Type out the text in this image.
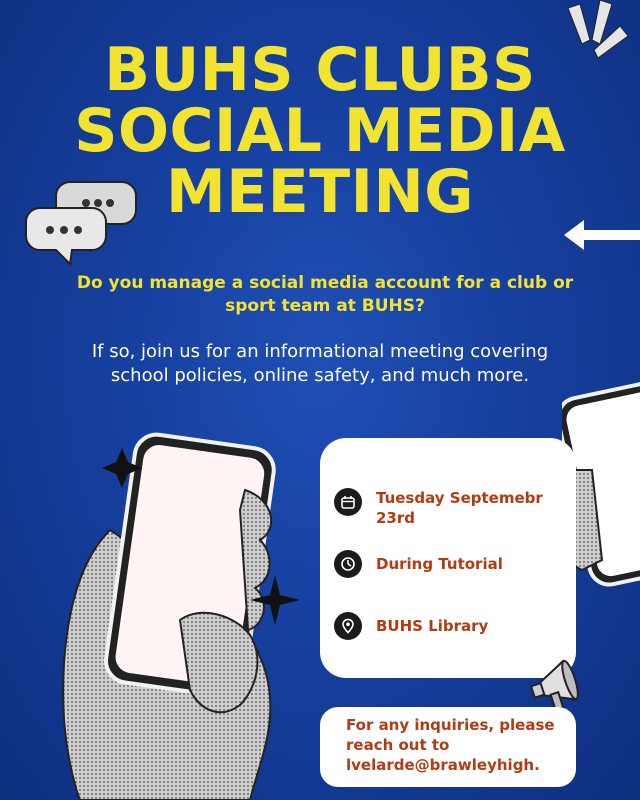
BUHS CLUBS
SOCIAL MEDIA
MEETING
Do you manage a social media account for a club or sport team at BUHS?
If so, join us for an informational meeting covering school policies, online safety, and much more.
Tuesday Septemebr 23rd
During Tutorial
BUHS Library
For any inquiries, please reach out to lvelarde@brawleyhigh.
